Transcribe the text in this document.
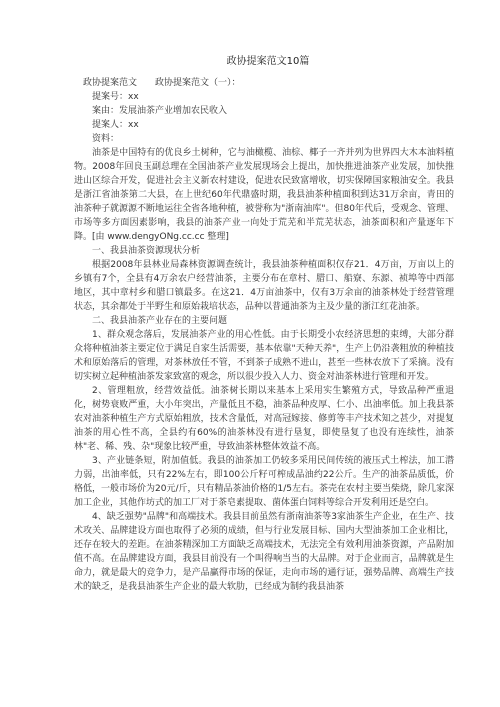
政协提案范文10篇

政协提案范文　　政协提案范文（一）：

提案号：xx

案由：发展油茶产业增加农民收入

提案人：xx

资料：

油茶是中国特有的优良乡土树种，它与油橄榄、油棕、椰子一齐并列为世界四大木本油料植物。2008年回良玉副总理在全国油茶产业发展现场会上提出，加快推进油茶产业发展，加快推进山区综合开发，促进社会主义新农村建设，促进农民致富增收，切实保障国家粮油安全。我县是浙江省油茶第二大县，在上世纪60年代鼎盛时期，我县油茶种植面积到达31万余亩，青田的油茶种子就源源不断地运往全省各地种植，被誉称为"浙南油库"。但80年代后，受观念、管理、市场等多方面因素影响，我县的油茶产业一向处于荒芜和半荒芜状态，油茶面积和产量逐年下降。[由 www.dengyONg.cc.cc 整理]

一、我县油茶资源现状分析

根据2008年县林业局森林资源调查统计，我县油茶种植面积仅存21．4万亩，万亩以上的乡镇有7个，全县有4万余农户经营油茶，主要分布在章村、腊口、船寮、东源、祯埠等中西部地区，其中章村乡和腊口镇最多。在这21．4万亩油茶中，仅有3万余亩的油茶林处于经营管理状态，其余都处于半野生和原始栽培状态，品种以普通油茶为主及少量的浙江红花油茶。

二、我县油茶产业存在的主要问题

1、群众观念落后，发展油茶产业的用心性低。由于长期受小农经济思想的束缚，大部分群众将种植油茶主要定位于满足自家生活需要，基本依靠"天种天养"，生产上仍沿袭粗放的种植技术和原始落后的管理，对茶林放任不管，不到茶子成熟不进山，甚至一些林农放下了采摘。没有切实树立起种植油茶发家致富的观念，所以很少投入人力、资金对油茶林进行管理和开发。

2、管理粗放，经营效益低。油茶树长期以来基本上采用实生繁殖方式，导致品种严重退化，树势衰败严重，大小年突出，产量低且不稳，油茶品种皮厚、仁小、出油率低。加上我县茶农对油茶种植生产方式原始粗放，技术含量低，对高冠嫁接、修剪等丰产技术知之甚少，对提复油茶的用心性不高，全县约有60%的油茶林没有进行垦复，即使垦复了也没有连续性，油茶林"老、稀、残、杂"现象比较严重，导致油茶林整体效益不高。

3、产业链条短，附加值低。我县的油茶加工仍较多采用民间传统的液压式土榨法，加工潜力弱，出油率低，只有22%左右，即100公斤籽可榨成品油约22公斤。生产的油茶品质低，价格低，一般市场价为20元/斤，只有精品茶油价格的1/5左右。茶壳在农村主要当柴烧，除几家深加工企业，其他作坊式的加工厂对于茶皂素提取、菌体蛋白饲料等综合开发利用还是空白。

4、缺乏强势"品牌"和高端技术。我县目前虽然有浙南油茶等3家油茶生产企业，在生产、技术攻关、品牌建设方面也取得了必须的成绩，但与行业发展目标、国内大型油茶加工企业相比，还存在较大的差距。在油茶精深加工方面缺乏高端技术，无法完全有效利用油茶资源，产品附加值不高。在品牌建设方面，我县目前没有一个叫得响当当的大品牌。对于企业而言，品牌就是生命力，就是最大的竞争力，是产品赢得市场的保证，走向市场的通行证，强势品牌、高端生产技术的缺乏，是我县油茶生产企业的最大软肋，已经成为制约我县油茶
